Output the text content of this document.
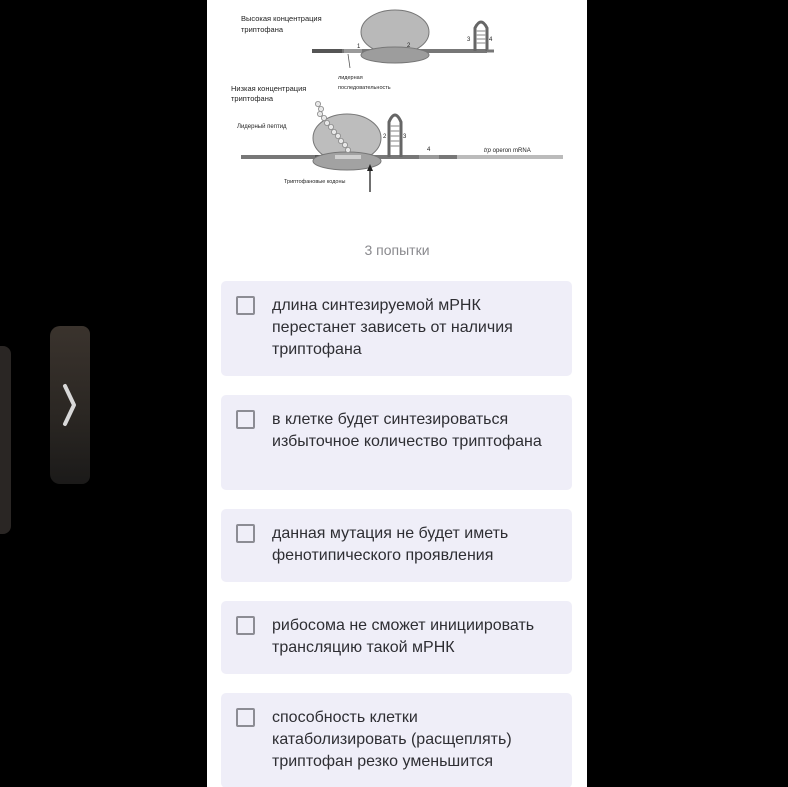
Высокая концентрация
триптофана
1	2
3	4
лидерная
последовательность
Низкая концентрация
триптофана
Лидерный пептид
2	3
4	trp operon mRNA
Триптофановые кодоны
3 попытки
длина синтезируемой мРНК перестанет зависеть от наличия триптофана
в клетке будет синтезироваться избыточное количество триптофана
данная мутация не будет иметь фенотипического проявления
рибосома не сможет инициировать трансляцию такой мРНК
способность клетки катаболизировать (расщеплять) триптофан резко уменьшится
